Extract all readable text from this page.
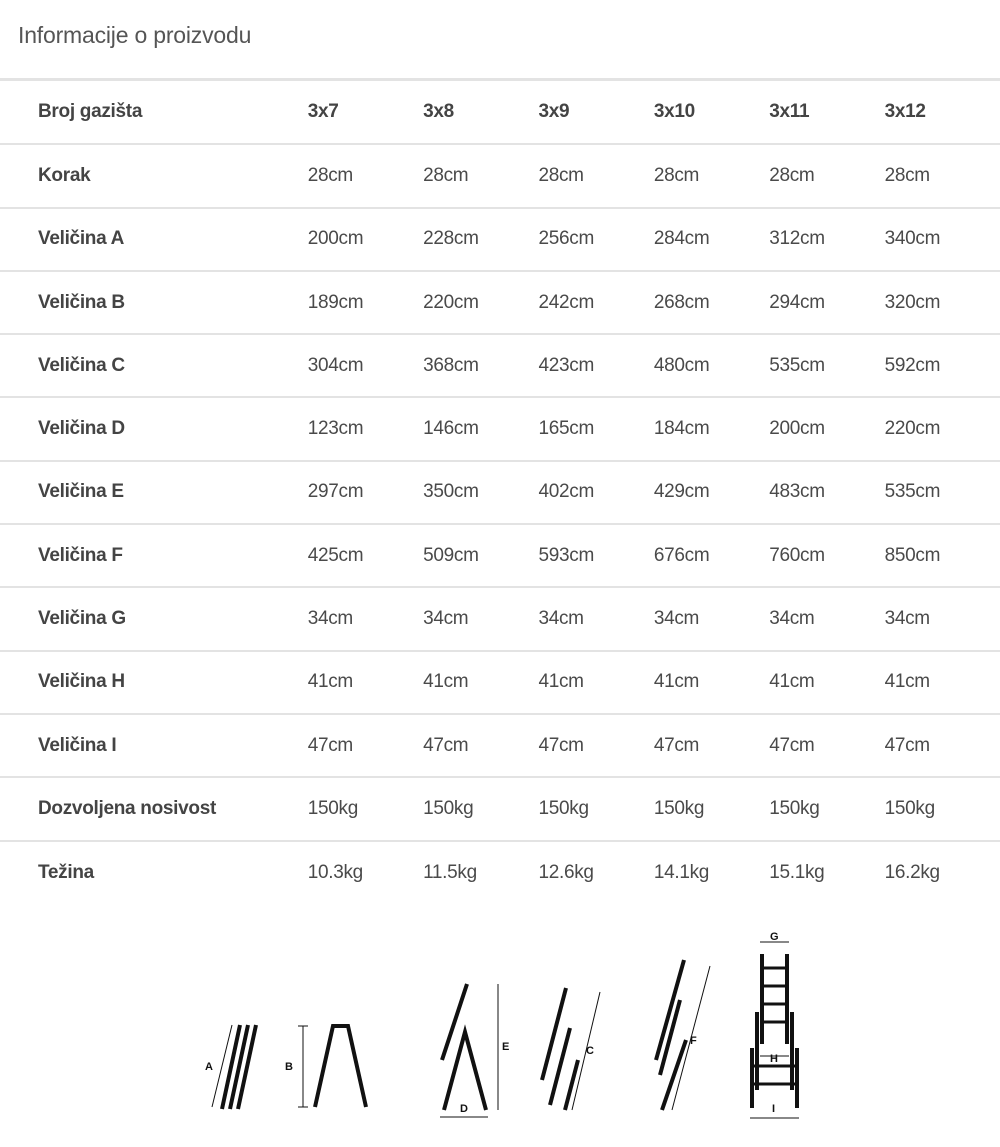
Informacije o proizvodu
Broj gazišta	3x7	3x8	3x9	3x10	3x11	3x12
Korak	28cm	28cm	28cm	28cm	28cm	28cm
Veličina A	200cm	228cm	256cm	284cm	312cm	340cm
Veličina B	189cm	220cm	242cm	268cm	294cm	320cm
Veličina C	304cm	368cm	423cm	480cm	535cm	592cm
Veličina D	123cm	146cm	165cm	184cm	200cm	220cm
Veličina E	297cm	350cm	402cm	429cm	483cm	535cm
Veličina F	425cm	509cm	593cm	676cm	760cm	850cm
Veličina G	34cm	34cm	34cm	34cm	34cm	34cm
Veličina H	41cm	41cm	41cm	41cm	41cm	41cm
Veličina I	47cm	47cm	47cm	47cm	47cm	47cm
Dozvoljena nosivost	150kg	150kg	150kg	150kg	150kg	150kg
Težina	10.3kg	11.5kg	12.6kg	14.1kg	15.1kg	16.2kg
A	B
D
E	C
F
G
H
I
